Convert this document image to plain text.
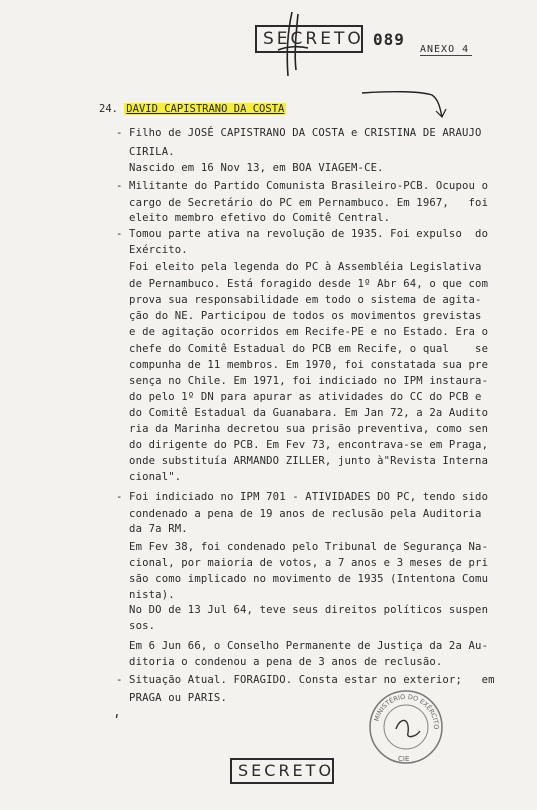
SECRETO 089
ANEXO 4
24. DAVID CAPISTRANO DA COSTA
- Filho de JOSÉ CAPISTRANO DA COSTA e CRISTINA DE ARAUJO
CIRILA.
Nascido em 16 Nov 13, em BOA VIAGEM-CE.
- Militante do Partido Comunista Brasileiro-PCB. Ocupou o
cargo de Secretário do PC em Pernambuco. Em 1967,   foi
eleito membro efetivo do Comitê Central.
- Tomou parte ativa na revolução de 1935. Foi expulso  do
Exército.
Foi eleito pela legenda do PC à Assembléia Legislativa
de Pernambuco. Está foragido desde 1º Abr 64, o que com
prova sua responsabilidade em todo o sistema de agita-
ção do NE. Participou de todos os movimentos grevistas
e de agitação ocorridos em Recife-PE e no Estado. Era o
chefe do Comitê Estadual do PCB em Recife, o qual    se
compunha de 11 membros. Em 1970, foi constatada sua pre
sença no Chile. Em 1971, foi indiciado no IPM instaura-
do pelo 1º DN para apurar as atividades do CC do PCB e
do Comitê Estadual da Guanabara. Em Jan 72, a 2a Audito
ria da Marinha decretou sua prisão preventiva, como sen
do dirigente do PCB. Em Fev 73, encontrava-se em Praga,
onde substituía ARMANDO ZILLER, junto à"Revista Interna
cional".
- Foi indiciado no IPM 701 - ATIVIDADES DO PC, tendo sido
condenado a pena de 19 anos de reclusão pela Auditoria
da 7a RM.
Em Fev 38, foi condenado pelo Tribunal de Segurança Na-
cional, por maioria de votos, a 7 anos e 3 meses de pri
são como implicado no movimento de 1935 (Intentona Comu
nista).
No DO de 13 Jul 64, teve seus direitos políticos suspen
sos.
Em 6 Jun 66, o Conselho Permanente de Justiça da 2a Au-
ditoria o condenou a pena de 3 anos de reclusão.
- Situação Atual. FORAGIDO. Consta estar no exterior;   em
PRAGA ou PARIS.
MINISTÉRIO DO EXÉRCITO
CIE
ʹ
SECRETO
